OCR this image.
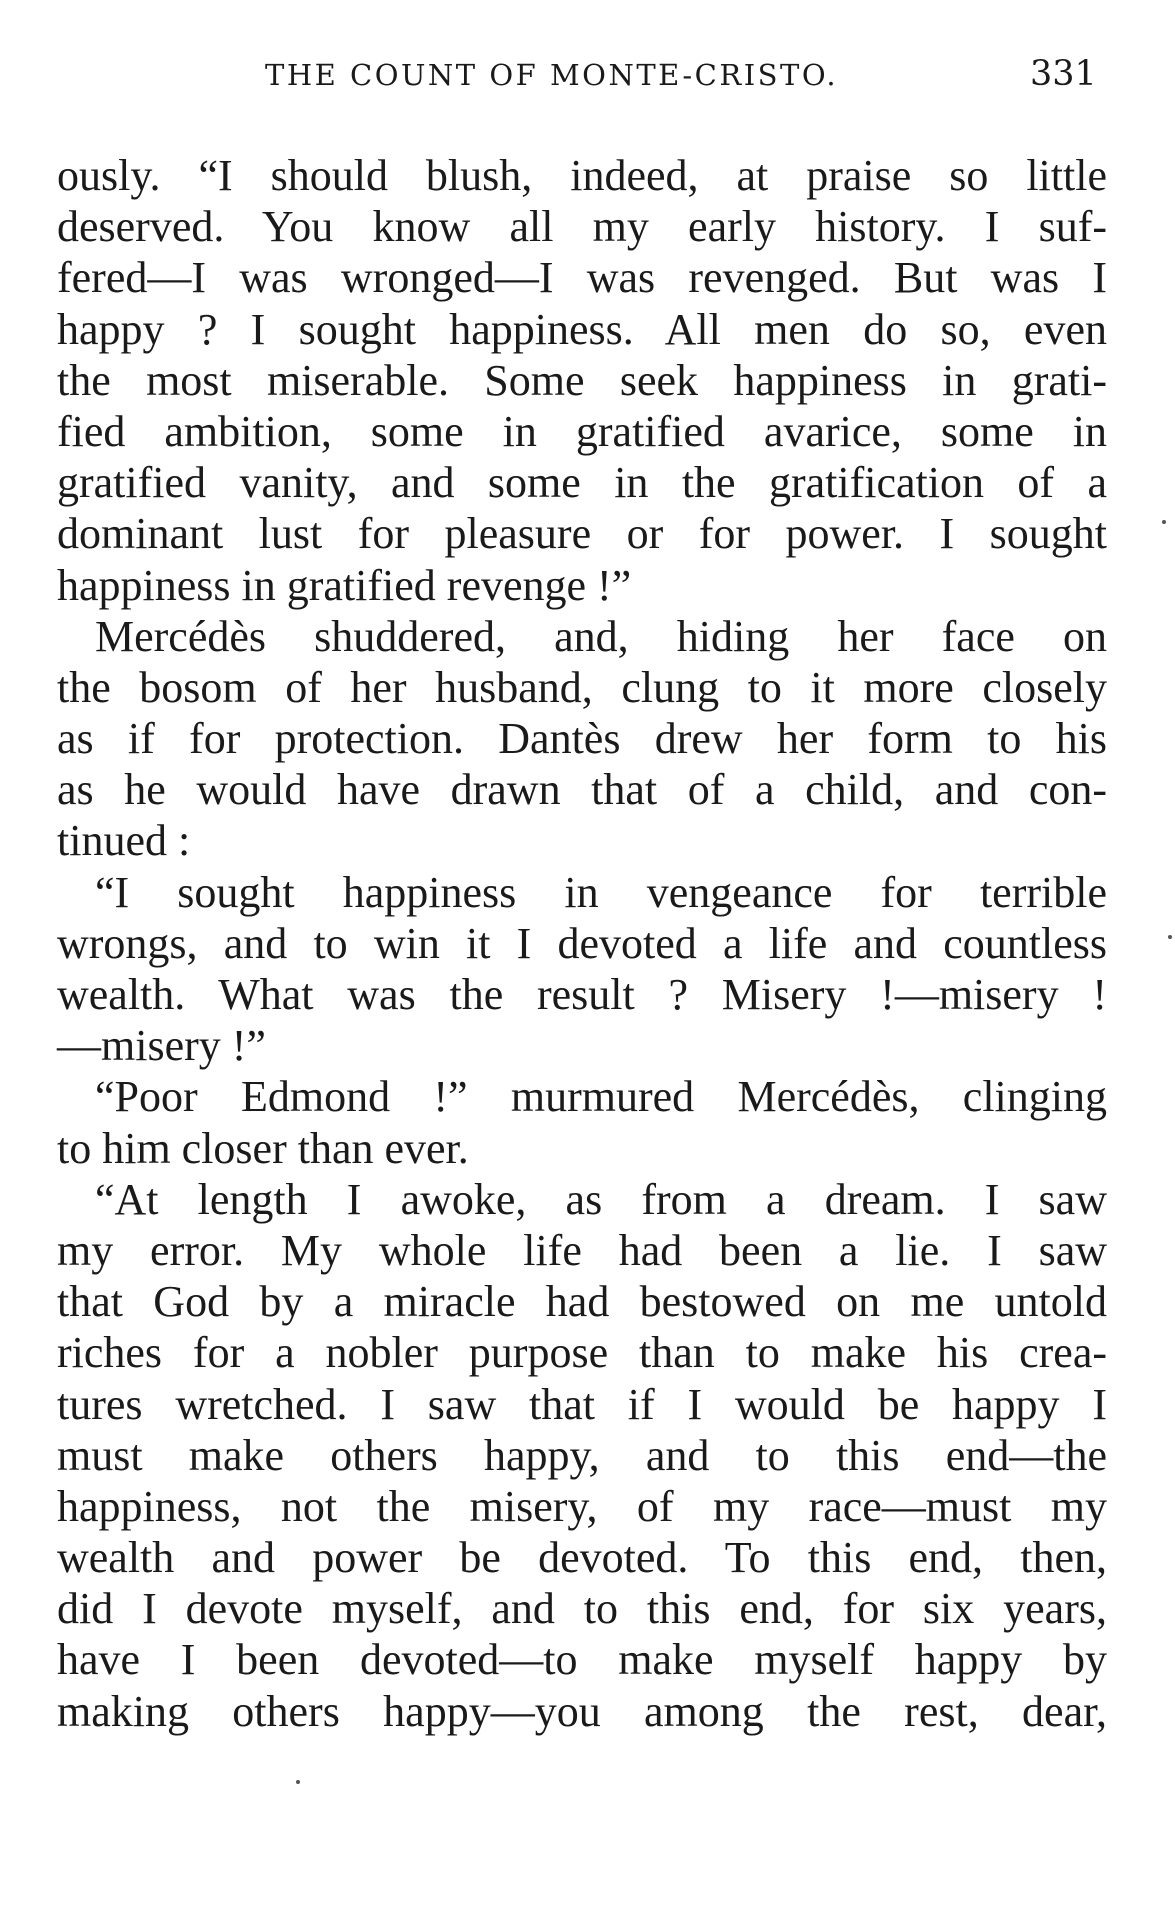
THE COUNT OF MONTE-CRISTO.	331
ously. “I should blush, indeed, at praise so little
deserved. You know all my early history. I suf-
fered—I was wronged—I was revenged. But was I
happy ? I sought happiness. All men do so, even
the most miserable. Some seek happiness in grati-
fied ambition, some in gratified avarice, some in
gratified vanity, and some in the gratification of a
dominant lust for pleasure or for power. I sought
happiness in gratified revenge !”
Mercédès shuddered, and, hiding her face on
the bosom of her husband, clung to it more closely
as if for protection. Dantès drew her form to his
as he would have drawn that of a child, and con-
tinued :
“I sought happiness in vengeance for terrible
wrongs, and to win it I devoted a life and countless
wealth. What was the result ? Misery !—misery !
—misery !”
“Poor Edmond !” murmured Mercédès, clinging
to him closer than ever.
“At length I awoke, as from a dream. I saw
my error. My whole life had been a lie. I saw
that God by a miracle had bestowed on me untold
riches for a nobler purpose than to make his crea-
tures wretched. I saw that if I would be happy I
must make others happy, and to this end—the
happiness, not the misery, of my race—must my
wealth and power be devoted. To this end, then,
did I devote myself, and to this end, for six years,
have I been devoted—to make myself happy by
making others happy—you among the rest, dear,
